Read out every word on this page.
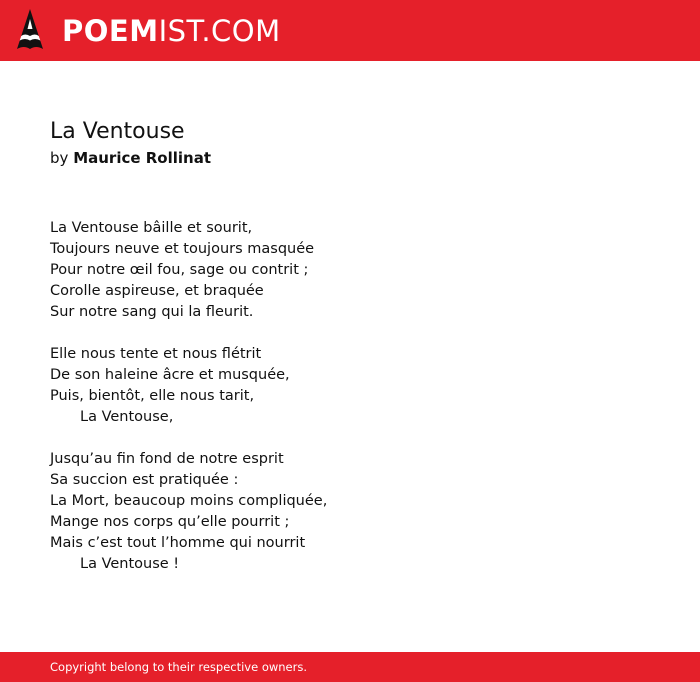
POEM IST.COM
La Ventouse

by Maurice Rollinat

La Ventouse bâille et sourit,
Toujours neuve et toujours masquée
Pour notre œil fou, sage ou contrit ;
Corolle aspireuse, et braquée
Sur notre sang qui la fleurit.
Elle nous tente et nous flétrit
De son haleine âcre et musquée,
Puis, bientôt, elle nous tarit,
La Ventouse,
Jusqu’au fin fond de notre esprit
Sa succion est pratiquée :
La Mort, beaucoup moins compliquée,
Mange nos corps qu’elle pourrit ;
Mais c’est tout l’homme qui nourrit
La Ventouse !
Copyright belong to their respective owners.
